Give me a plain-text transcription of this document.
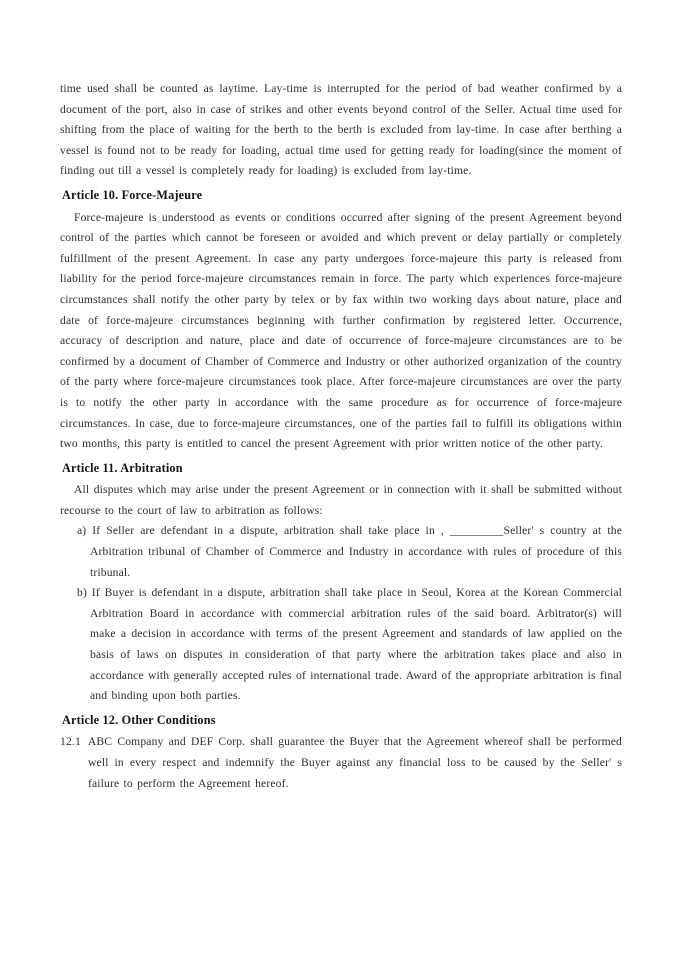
time used shall be counted as laytime. Lay-time is interrupted for the period of bad weather confirmed by a document of the port, also in case of strikes and other events beyond control of the Seller. Actual time used for shifting from the place of waiting for the berth to the berth is excluded from lay-time. In case after berthing a vessel is found not to be ready for loading, actual time used for getting ready for loading(since the moment of finding out till a vessel is completely ready for loading) is excluded from lay-time.

Article 10. Force-Majeure

Force-majeure is understood as events or conditions occurred after signing of the present Agreement beyond control of the parties which cannot be foreseen or avoided and which prevent or delay partially or completely fulfillment of the present Agreement. In case any party undergoes force-majeure this party is released from liability for the period force-majeure circumstances remain in force. The party which experiences force-majeure circumstances shall notify the other party by telex or by fax within two working days about nature, place and date of force-majeure circumstances beginning with further confirmation by registered letter. Occurrence, accuracy of description and nature, place and date of occurrence of force-majeure circumstances are to be confirmed by a document of Chamber of Commerce and Industry or other authorized organization of the country of the party where force-majeure circumstances took place. After force-majeure circumstances are over the party is to notify the other party in accordance with the same procedure as for occurrence of force-majeure circumstances. In case, due to force-majeure circumstances, one of the parties fail to fulfill its obligations within two months, this party is entitled to cancel the present Agreement with prior written notice of the other party.

Article 11. Arbitration

All disputes which may arise under the present Agreement or in connection with it shall be submitted without recourse to the court of law to arbitration as follows:

a) If Seller are defendant in a dispute, arbitration shall take place in , _________Seller' s country at the Arbitration tribunal of Chamber of Commerce and Industry in accordance with rules of procedure of this tribunal.

b) If Buyer is defendant in a dispute, arbitration shall take place in Seoul, Korea at the Korean Commercial Arbitration Board in accordance with commercial arbitration rules of the said board. Arbitrator(s) will make a decision in accordance with terms of the present Agreement and standards of law applied on the basis of laws on disputes in consideration of that party where the arbitration takes place and also in accordance with generally accepted rules of international trade. Award of the appropriate arbitration is final and binding upon both parties.

Article 12. Other Conditions

12.1 ABC Company and DEF Corp. shall guarantee the Buyer that the Agreement whereof shall be performed well in every respect and indemnify the Buyer against any financial loss to be caused by the Seller' s failure to perform the Agreement hereof.
